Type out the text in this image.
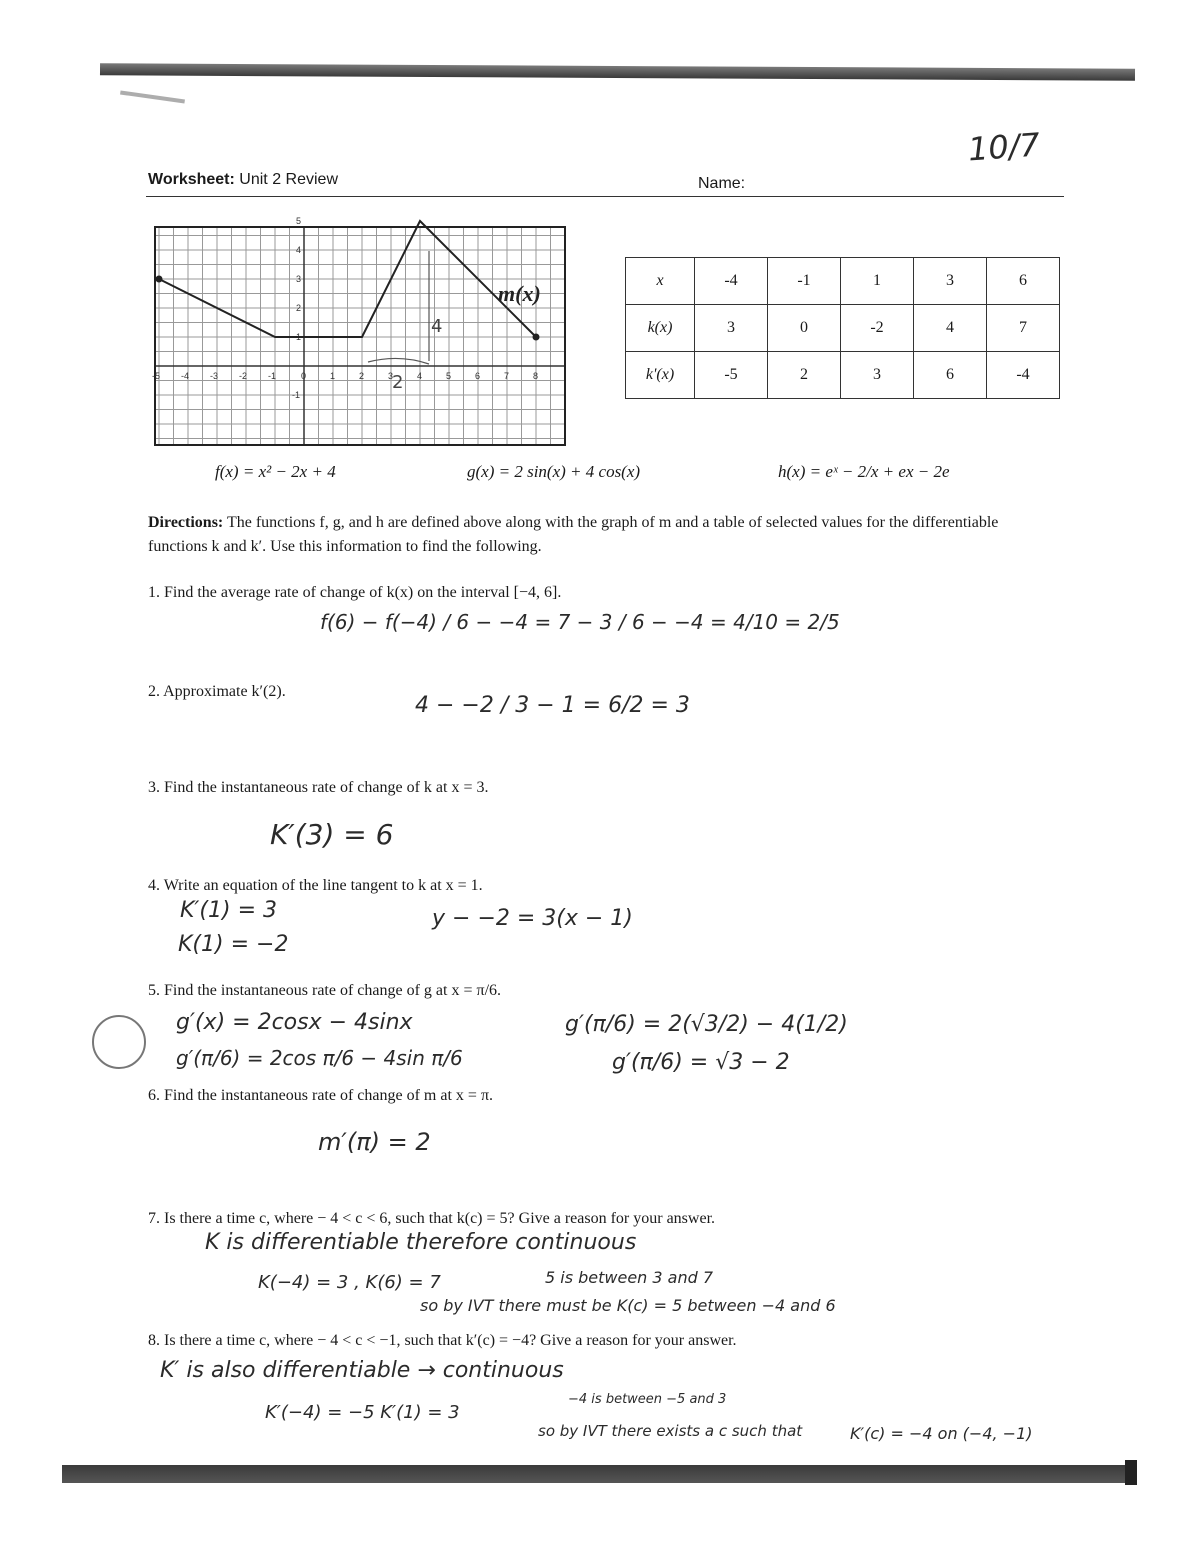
Worksheet: Unit 2 Review	Name:
10/7
-5 -4 -3 -2 -1	0	1	2	3	4	5	6	7	8
5
4
3
2
1
-1
4
2
m(x)
x	-4	-1	1	3	6
k(x)	3	0	-2	4	7
k'(x)	-5	2	3	6	-4
f(x) = x² − 2x + 4	g(x) = 2 sin(x) + 4 cos(x)	h(x) = eˣ − 2/x + ex − 2e
Directions: The functions f, g, and h are defined above along with the graph of m and a table of selected values for the differentiable functions k and k′. Use this information to find the following.
1. Find the average rate of change of k(x) on the interval [−4, 6].
2. Approximate k′(2).
3. Find the instantaneous rate of change of k at x = 3.
4. Write an equation of the line tangent to k at x = 1.
5. Find the instantaneous rate of change of g at x = π/6.
6. Find the instantaneous rate of change of m at x = π.
7. Is there a time c, where − 4 < c < 6, such that k(c) = 5? Give a reason for your answer.
8. Is there a time c, where − 4 < c < −1, such that k′(c) = −4? Give a reason for your answer.
f(6) − f(−4) / 6 − −4 = 7 − 3 / 6 − −4 = 4/10 = 2/5
4 − −2 / 3 − 1 = 6/2 = 3
K′(3) = 6
K′(1) = 3
K(1) = −2
y − −2 = 3(x − 1)
g′(x) = 2cosx − 4sinx
g′(π/6) = 2cos π/6 − 4sin π/6
g′(π/6) = 2(√3/2) − 4(1/2)
g′(π/6) = √3 − 2
m′(π) = 2
K is differentiable therefore continuous
K(−4) = 3 , K(6) = 7	5 is between 3 and 7
so by IVT there must be K(c) = 5 between −4 and 6
K′ is also differentiable → continuous
K′(−4) = −5 K′(1) = 3
−4 is between −5 and 3
so by IVT there exists a c such that	K′(c) = −4 on (−4, −1)
